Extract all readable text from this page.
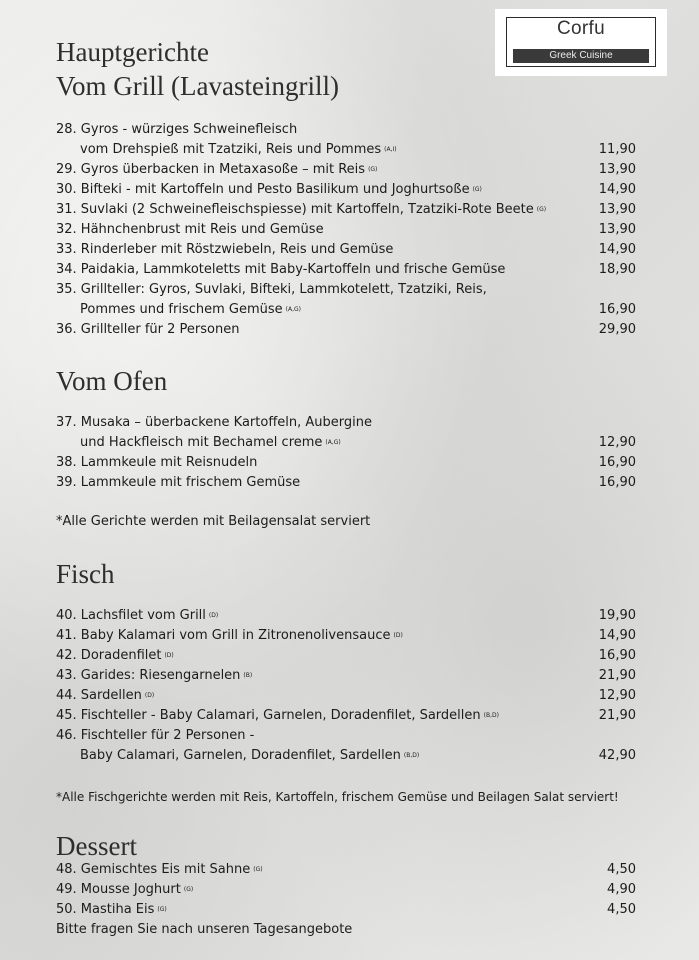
Corfu
Greek Cuisine
Hauptgerichte
Vom Grill (Lavasteingrill)
28. Gyros - würziges Schweinefleisch
vom Drehspieß mit Tzatziki, Reis und Pommes (A,I)	11,90
29. Gyros überbacken in Metaxasoße – mit Reis (G)	13,90
30. Bifteki - mit Kartoffeln und Pesto Basilikum und Joghurtsoße (G)	14,90
31. Suvlaki (2 Schweinefleischspiesse) mit Kartoffeln, Tzatziki-Rote Beete (G)	13,90
32. Hähnchenbrust mit Reis und Gemüse	13,90
33. Rinderleber mit Röstzwiebeln, Reis und Gemüse	14,90
34. Paidakia, Lammkoteletts mit Baby-Kartoffeln und frische Gemüse	18,90
35. Grillteller: Gyros, Suvlaki, Bifteki, Lammkotelett, Tzatziki, Reis,
Pommes und frischem Gemüse (A,G)	16,90
36. Grillteller für 2 Personen	29,90
Vom Ofen
37. Musaka – überbackene Kartoffeln, Aubergine
und Hackfleisch mit Bechamel creme (A,G)	12,90
38. Lammkeule mit Reisnudeln	16,90
39. Lammkeule mit frischem Gemüse	16,90

*Alle Gerichte werden mit Beilagensalat serviert

Fisch
40. Lachsfilet vom Grill (D)	19,90
41. Baby Kalamari vom Grill in Zitronenolivensauce (D)	14,90
42. Doradenfilet (D)	16,90
43. Garides: Riesengarnelen (B)	21,90
44. Sardellen (D)	12,90
45. Fischteller - Baby Calamari, Garnelen, Doradenfilet, Sardellen (B,D)	21,90
46. Fischteller für 2 Personen -
Baby Calamari, Garnelen, Doradenfilet, Sardellen (B,D)	42,90

*Alle Fischgerichte werden mit Reis, Kartoffeln, frischem Gemüse und Beilagen Salat serviert!

Dessert
48. Gemischtes Eis mit Sahne (G)	4,50
49. Mousse Joghurt (G)	4,90
50. Mastiha Eis (G)	4,50

Bitte fragen Sie nach unseren Tagesangebote
